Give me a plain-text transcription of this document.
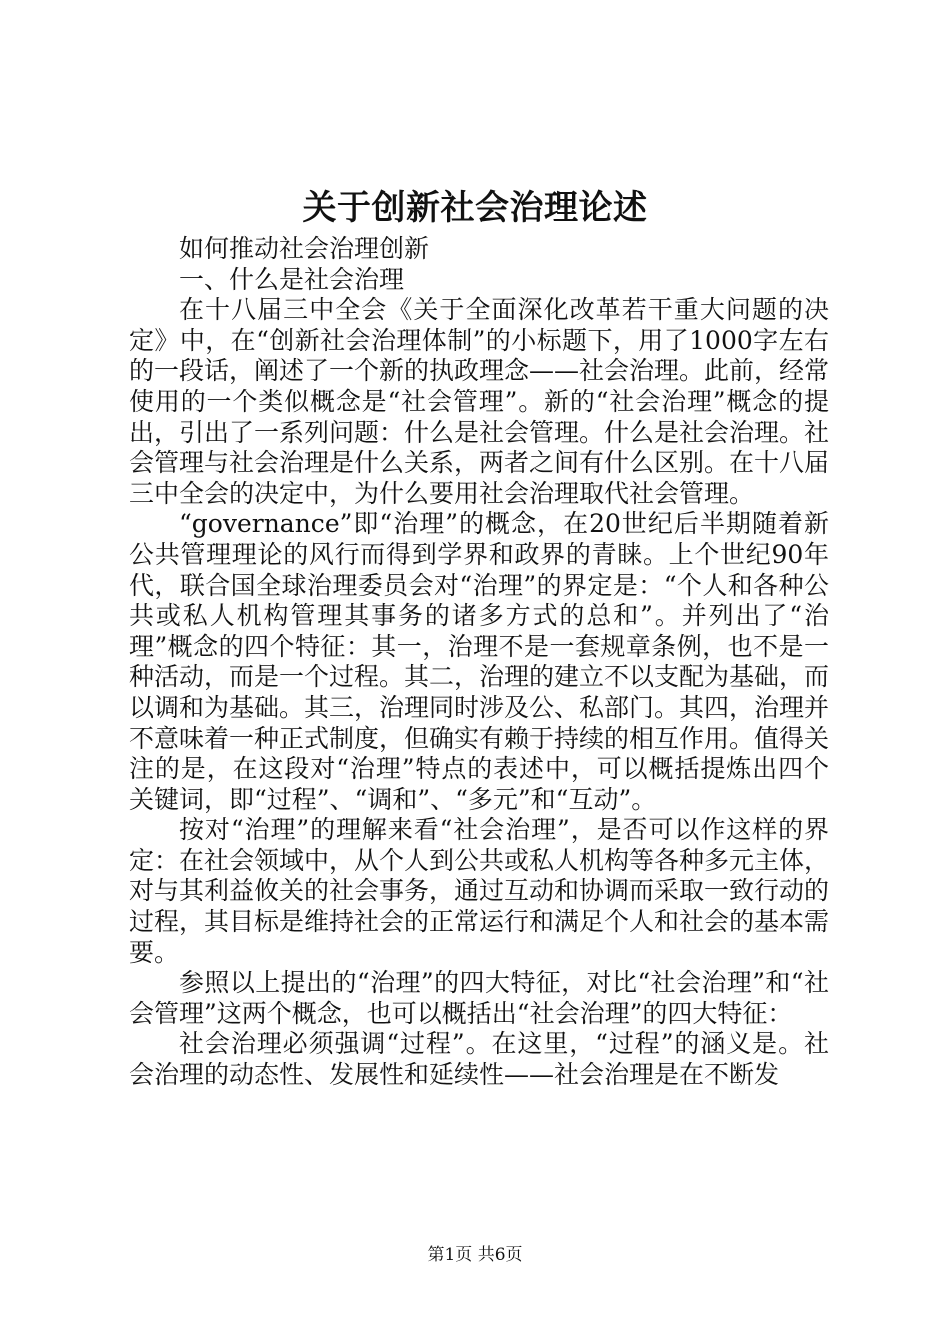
关于创新社会治理论述

如何推动社会治理创新

一、什么是社会治理

在十八届三中全会《关于全面深化改革若干重大问题的决定》中，在“创新社会治理体制”的小标题下，用了1000字左右的一段话，阐述了一个新的执政理念——社会治理。此前，经常使用的一个类似概念是“社会管理”。新的“社会治理”概念的提出，引出了一系列问题：什么是社会管理。什么是社会治理。社会管理与社会治理是什么关系，两者之间有什么区别。在十八届三中全会的决定中，为什么要用社会治理取代社会管理。

“governance”即“治理”的概念，在20世纪后半期随着新公共管理理论的风行而得到学界和政界的青睐。上个世纪90年代，联合国全球治理委员会对“治理”的界定是：“个人和各种公共或私人机构管理其事务的诸多方式的总和”。并列出了“治理”概念的四个特征：其一，治理不是一套规章条例，也不是一种活动，而是一个过程。其二，治理的建立不以支配为基础，而以调和为基础。其三，治理同时涉及公、私部门。其四，治理并不意味着一种正式制度，但确实有赖于持续的相互作用。值得关注的是，在这段对“治理”特点的表述中，可以概括提炼出四个关键词，即“过程”、“调和”、“多元”和“互动”。

按对“治理”的理解来看“社会治理”，是否可以作这样的界定：在社会领域中，从个人到公共或私人机构等各种多元主体，对与其利益攸关的社会事务，通过互动和协调而采取一致行动的过程，其目标是维持社会的正常运行和满足个人和社会的基本需要。

参照以上提出的“治理”的四大特征，对比“社会治理”和“社会管理”这两个概念，也可以概括出“社会治理”的四大特征：

社会治理必须强调“过程”。在这里，“过程”的涵义是。社会治理的动态性、发展性和延续性——社会治理是在不断发

第1页 共6页
